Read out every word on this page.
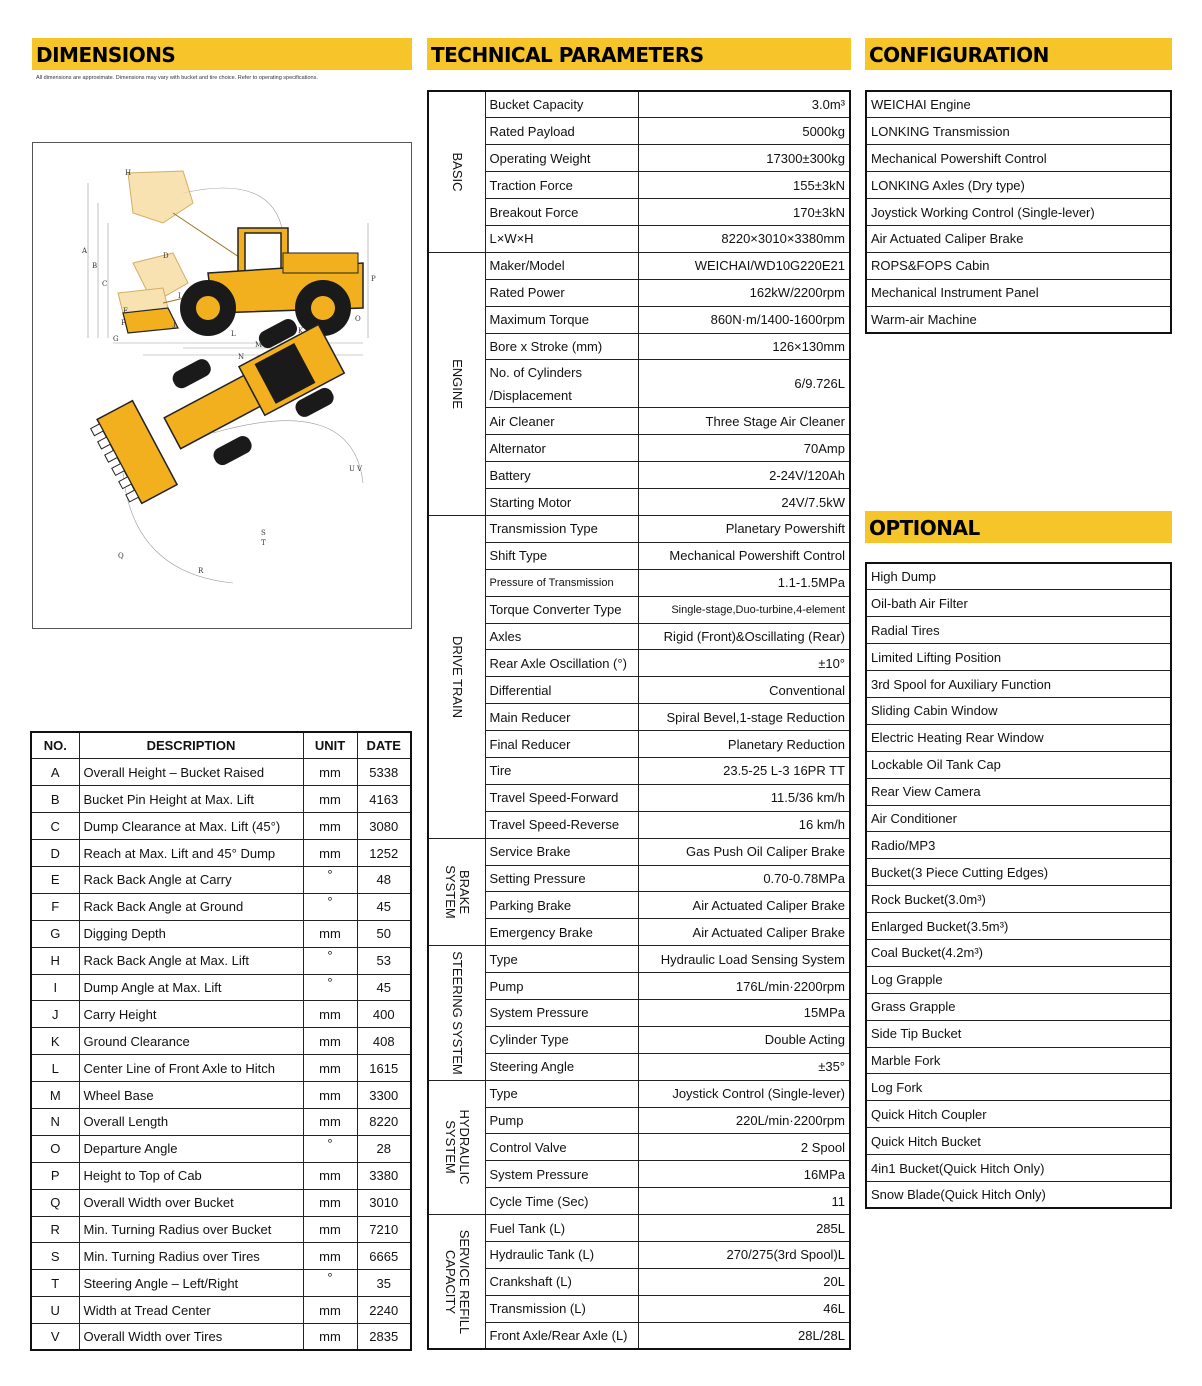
DIMENSIONS	TECHNICAL PARAMETERS	CONFIGURATION
OPTIONAL
All dimensions are approximate. Dimensions may vary with bucket and tire choice. Refer to operating specifications.
H
A
B
D
C
E
F
G
I
J
K
L
M
N
O
P
Q
R
S
T
U V
NO.	DESCRIPTION	UNIT	DATE
A	Overall Height – Bucket Raised	mm	5338
B	Bucket Pin Height at Max. Lift	mm	4163
C	Dump Clearance at Max. Lift (45°)	mm	3080
D	Reach at Max. Lift and 45° Dump	mm	1252
E	Rack Back Angle at Carry	°	48
F	Rack Back Angle at Ground	°	45
G	Digging Depth	mm	50
H	Rack Back Angle at Max. Lift	°	53
I	Dump Angle at Max. Lift	°	45
J	Carry Height	mm	400
K	Ground Clearance	mm	408
L	Center Line of Front Axle to Hitch	mm	1615
M	Wheel Base	mm	3300
N	Overall Length	mm	8220
O	Departure Angle	°	28
P	Height to Top of Cab	mm	3380
Q	Overall Width over Bucket	mm	3010
R	Min. Turning Radius over Bucket	mm	7210
S	Min. Turning Radius over Tires	mm	6665
T	Steering Angle – Left/Right	°	35
U	Width at Tread Center	mm	2240
V	Overall Width over Tires	mm	2835
BASIC	Bucket Capacity	3.0m³
	Rated Payload	5000kg
	Operating Weight	17300±300kg
	Traction Force	155±3kN
	Breakout Force	170±3kN
	L×W×H	8220×3010×3380mm

ENGINE	Maker/Model	WEICHAI/WD10G220E21
	Rated Power	162kW/2200rpm
	Maximum Torque	860N·m/1400-1600rpm
	Bore x Stroke (mm)	126×130mm
	No. of Cylinders /Displacement	6/9.726L
	Air Cleaner	Three Stage Air Cleaner
	Alternator	70Amp
	Battery	2-24V/120Ah
	Starting Motor	24V/7.5kW

DRIVE TRAIN	Transmission Type	Planetary Powershift
	Shift Type	Mechanical Powershift Control
	Pressure of Transmission	1.1-1.5MPa
	Torque Converter Type	Single-stage,Duo-turbine,4-element
	Axles	Rigid (Front)&Oscillating (Rear)
	Rear Axle Oscillation (°)	±10°
	Differential	Conventional
	Main Reducer	Spiral Bevel,1-stage Reduction
	Final Reducer	Planetary Reduction
	Tire	23.5-25 L-3 16PR TT
	Travel Speed-Forward	11.5/36 km/h
	Travel Speed-Reverse	16 km/h

BRAKE SYSTEM	Service Brake	Gas Push Oil Caliper Brake
	Setting Pressure	0.70-0.78MPa
	Parking Brake	Air Actuated Caliper Brake
	Emergency Brake	Air Actuated Caliper Brake

STEERING SYSTEM	Type	Hydraulic Load Sensing System
	Pump	176L/min·2200rpm
	System Pressure	15MPa
	Cylinder Type	Double Acting
	Steering Angle	±35°

HYDRAULIC SYSTEM	Type	Joystick Control (Single-lever)
	Pump	220L/min·2200rpm
	Control Valve	2 Spool
	System Pressure	16MPa
	Cycle Time (Sec)	11

SERVICE REFILL CAPACITY	Fuel Tank (L)	285L
	Hydraulic Tank (L)	270/275(3rd Spool)L
	Crankshaft (L)	20L
	Transmission (L)	46L
	Front Axle/Rear Axle (L)	28L/28L
WEICHAI Engine
LONKING Transmission
Mechanical Powershift Control
LONKING Axles (Dry type)
Joystick Working Control (Single-lever)
Air Actuated Caliper Brake
ROPS&FOPS Cabin
Mechanical Instrument Panel
Warm-air Machine
High Dump
Oil-bath Air Filter
Radial Tires
Limited Lifting Position
3rd Spool for Auxiliary Function
Sliding Cabin Window
Electric Heating Rear Window
Lockable Oil Tank Cap
Rear View Camera
Air Conditioner
Radio/MP3
Bucket(3 Piece Cutting Edges)
Rock Bucket(3.0m³)
Enlarged Bucket(3.5m³)
Coal Bucket(4.2m³)
Log Grapple
Grass Grapple
Side Tip Bucket
Marble Fork
Log Fork
Quick Hitch Coupler
Quick Hitch Bucket
4in1 Bucket(Quick Hitch Only)
Snow Blade(Quick Hitch Only)
